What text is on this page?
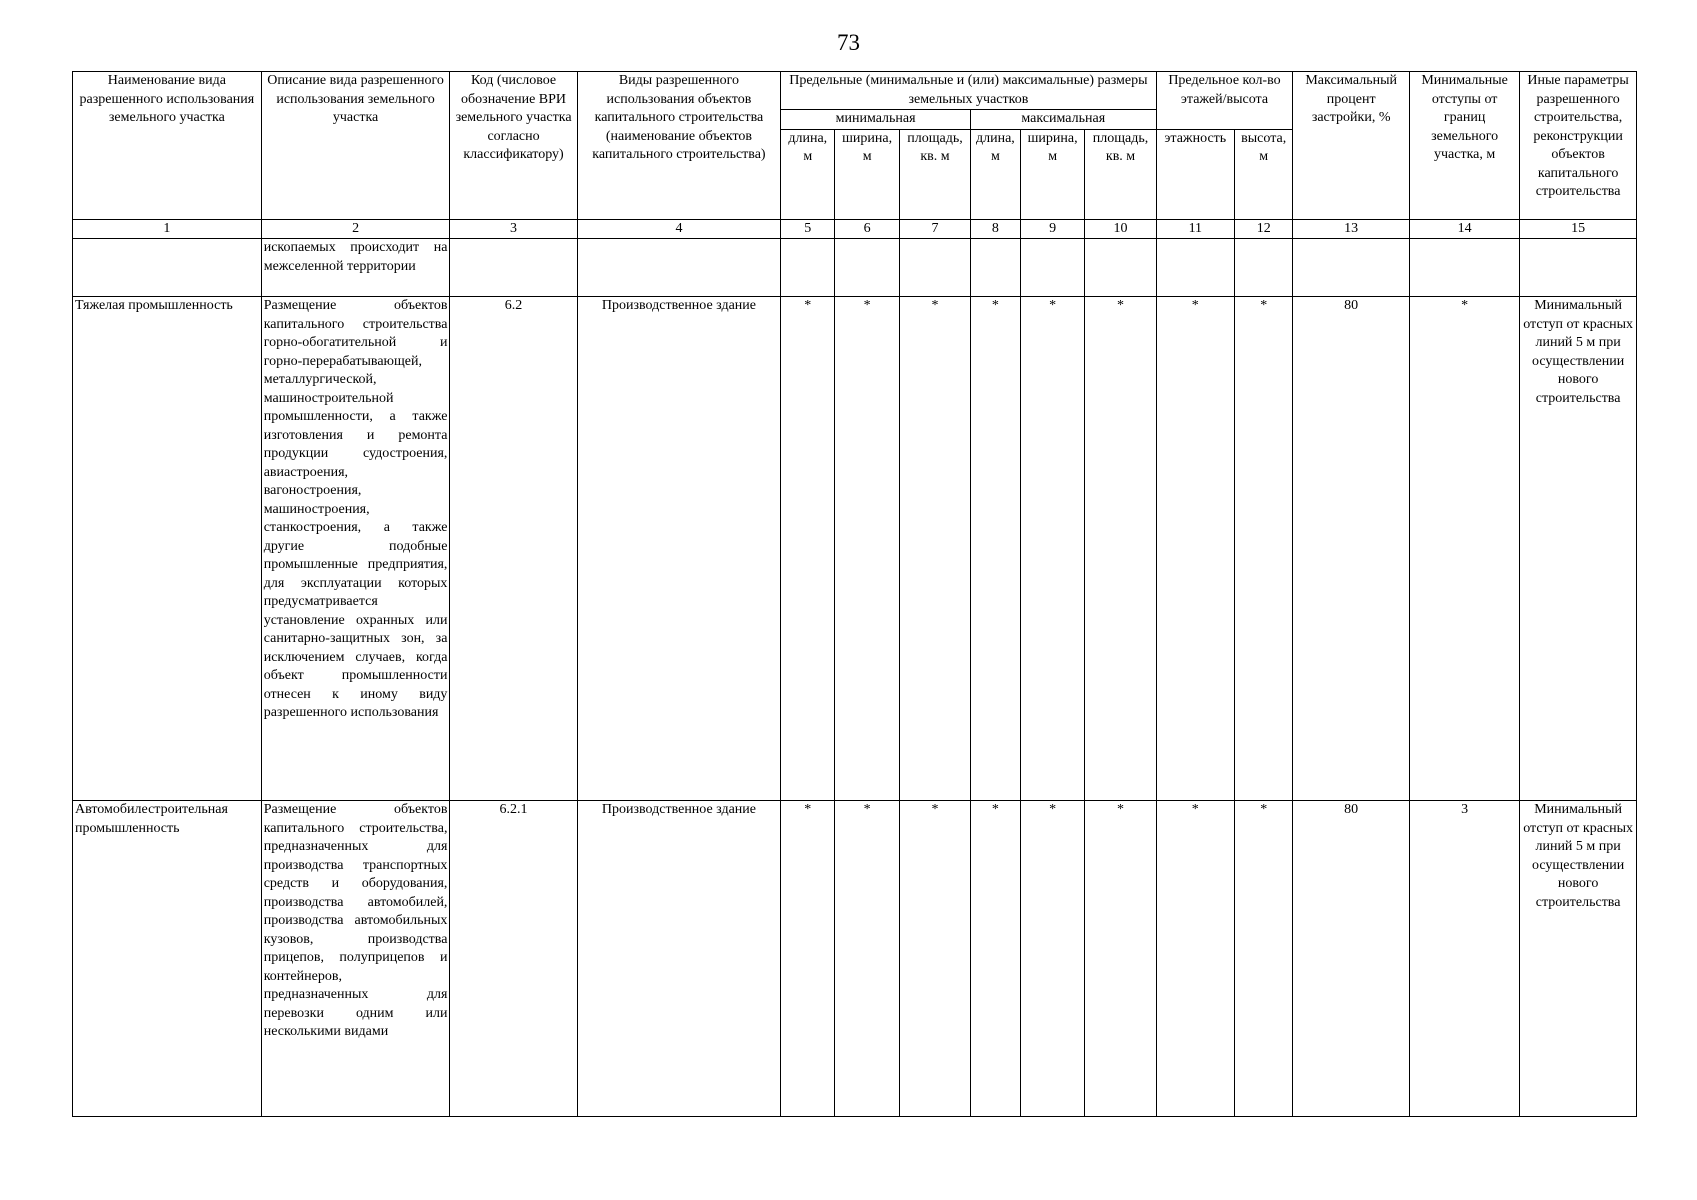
73
Наименование вида разрешенного использования земельного участка	Описание вида разрешенного использования земельного участка	Код (числовое обозначение ВРИ земельного участка согласно классификатору)	Виды разрешенного использования объектов капитального строительства (наименование объектов капитального строительства)	Предельные (минимальные и (или) максимальные) размеры земельных участков						Предельное кол-во этажей/высота		Максимальный процент застройки, %	Минимальные отступы от границ земельного участка, м	Иные параметры разрешенного строительства, реконструкции объектов капитального строительства

				минимальная			максимальная							
				длина, м	ширина, м	площадь, кв. м	длина, м	ширина, м	площадь, кв. м	этажность	высота, м			
1	2	3	4	5	6	7	8	9	10	11	12	13	14	15
	ископаемых происходит на межселенной территории													
Тяжелая промышленность	Размещение объектов капитального строительства горно-обогатительной и горно-перерабатывающей, металлургической, машиностроительной промышленности, а также изготовления и ремонта продукции судостроения, авиастроения, вагоностроения, машиностроения, станкостроения, а также другие подобные промышленные предприятия, для эксплуатации которых предусматривается установление охранных или санитарно-защитных зон, за исключением случаев, когда объект промышленности отнесен к иному виду разрешенного использования	6.2	Производственное здание	*	*	*	*	*	*	*	*	80	*	Минимальный отступ от красных линий 5 м при осуществлении нового строительства
Автомобилестроительная промышленность	Размещение объектов капитального строительства, предназначенных для производства транспортных средств и оборудования, производства автомобилей, производства автомобильных кузовов, производства прицепов, полуприцепов и контейнеров, предназначенных для перевозки одним или несколькими видами	6.2.1	Производственное здание	*	*	*	*	*	*	*	*	80	3	Минимальный отступ от красных линий 5 м при осуществлении нового строительства
